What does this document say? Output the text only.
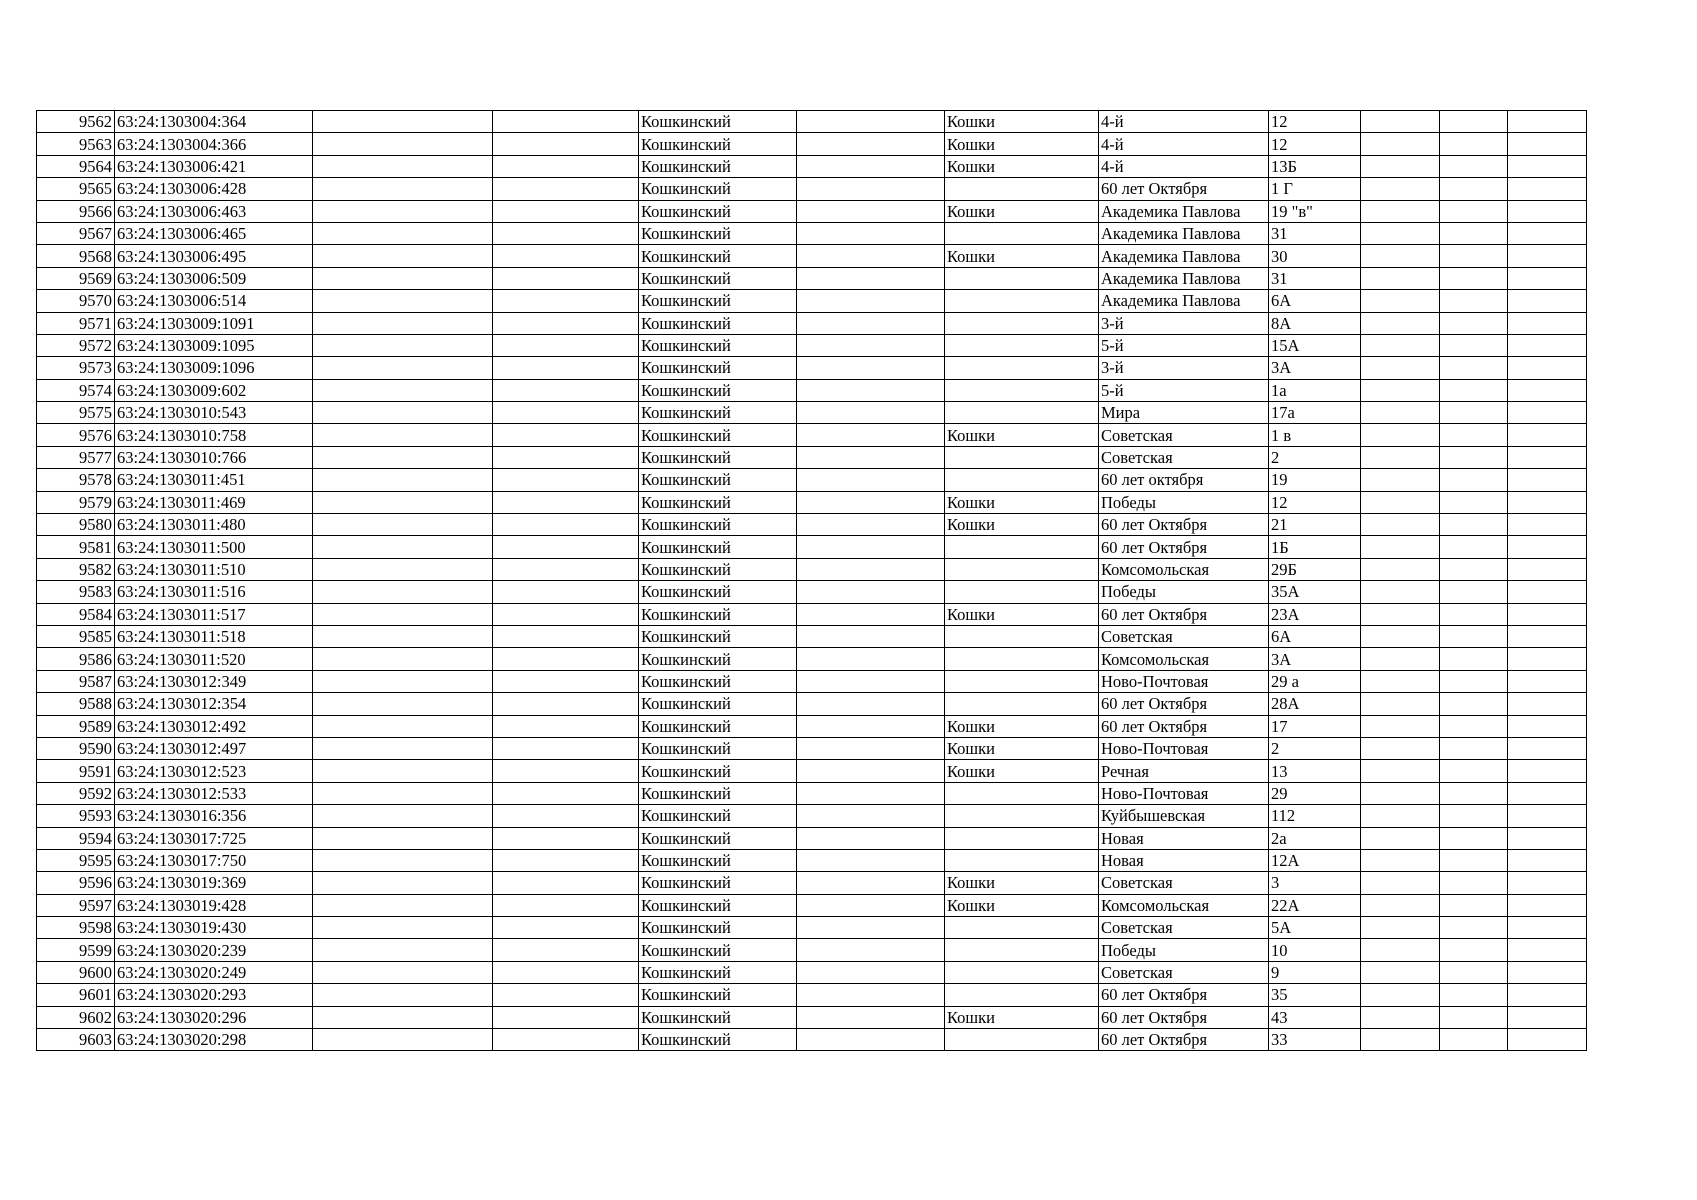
9562	63:24:1303004:364			Кошкинский		Кошки	4-й	12			
9563	63:24:1303004:366			Кошкинский		Кошки	4-й	12			
9564	63:24:1303006:421			Кошкинский		Кошки	4-й	13Б			
9565	63:24:1303006:428			Кошкинский			60 лет Октября	1 Г			
9566	63:24:1303006:463			Кошкинский		Кошки	Академика Павлова	19 "в"			
9567	63:24:1303006:465			Кошкинский			Академика Павлова	31			
9568	63:24:1303006:495			Кошкинский		Кошки	Академика Павлова	30			
9569	63:24:1303006:509			Кошкинский			Академика Павлова	31			
9570	63:24:1303006:514			Кошкинский			Академика Павлова	6А			
9571	63:24:1303009:1091			Кошкинский			3-й	8А			
9572	63:24:1303009:1095			Кошкинский			5-й	15А			
9573	63:24:1303009:1096			Кошкинский			3-й	3А			
9574	63:24:1303009:602			Кошкинский			5-й	1а			
9575	63:24:1303010:543			Кошкинский			Мира	17а			
9576	63:24:1303010:758			Кошкинский		Кошки	Советская	1 в			
9577	63:24:1303010:766			Кошкинский			Советская	2			
9578	63:24:1303011:451			Кошкинский			60 лет октября	19			
9579	63:24:1303011:469			Кошкинский		Кошки	Победы	12			
9580	63:24:1303011:480			Кошкинский		Кошки	60 лет Октября	21			
9581	63:24:1303011:500			Кошкинский			60 лет Октября	1Б			
9582	63:24:1303011:510			Кошкинский			Комсомольская	29Б			
9583	63:24:1303011:516			Кошкинский			Победы	35А			
9584	63:24:1303011:517			Кошкинский		Кошки	60 лет Октября	23А			
9585	63:24:1303011:518			Кошкинский			Советская	6А			
9586	63:24:1303011:520			Кошкинский			Комсомольская	3А			
9587	63:24:1303012:349			Кошкинский			Ново-Почтовая	29 а			
9588	63:24:1303012:354			Кошкинский			60 лет Октября	28А			
9589	63:24:1303012:492			Кошкинский		Кошки	60 лет Октября	17			
9590	63:24:1303012:497			Кошкинский		Кошки	Ново-Почтовая	2			
9591	63:24:1303012:523			Кошкинский		Кошки	Речная	13			
9592	63:24:1303012:533			Кошкинский			Ново-Почтовая	29			
9593	63:24:1303016:356			Кошкинский			Куйбышевская	112			
9594	63:24:1303017:725			Кошкинский			Новая	2а			
9595	63:24:1303017:750			Кошкинский			Новая	12А			
9596	63:24:1303019:369			Кошкинский		Кошки	Советская	3			
9597	63:24:1303019:428			Кошкинский		Кошки	Комсомольская	22А			
9598	63:24:1303019:430			Кошкинский			Советская	5А			
9599	63:24:1303020:239			Кошкинский			Победы	10			
9600	63:24:1303020:249			Кошкинский			Советская	9			
9601	63:24:1303020:293			Кошкинский			60 лет Октября	35			
9602	63:24:1303020:296			Кошкинский		Кошки	60 лет Октября	43			
9603	63:24:1303020:298			Кошкинский			60 лет Октября	33			
